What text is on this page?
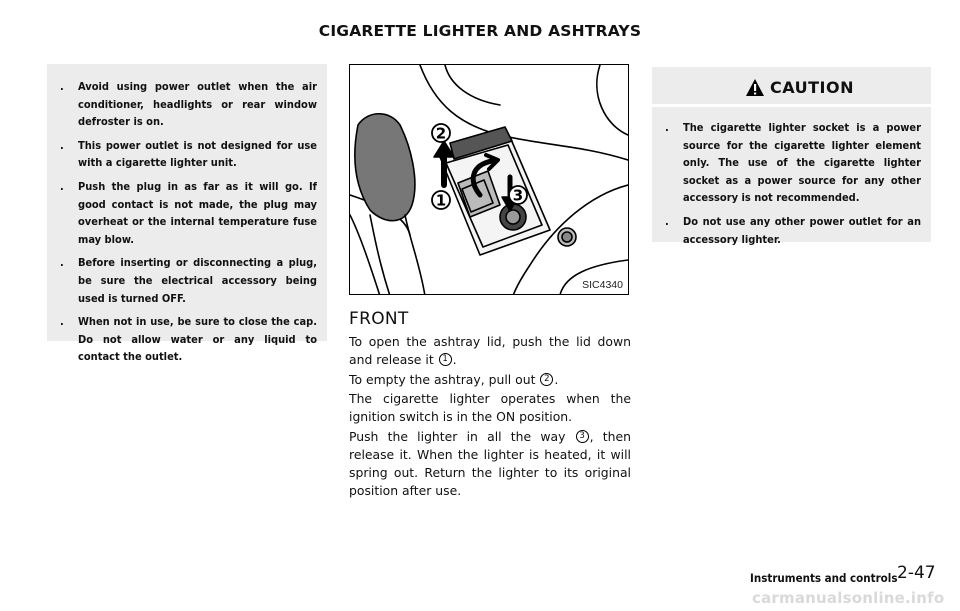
CIGARETTE LIGHTER AND ASHTRAYS
. Avoid using power outlet when the air conditioner, headlights or rear window defroster is on.
. This power outlet is not designed for use with a cigarette lighter unit.
. Push the plug in as far as it will go. If good contact is not made, the plug may overheat or the internal temperature fuse may blow.
. Before inserting or disconnecting a plug, be sure the electrical accessory being used is turned OFF.
. When not in use, be sure to close the cap. Do not allow water or any liquid to contact the outlet.
2
1	3
SIC4340
FRONT
To open the ashtray lid, push the lid down and release it 1 .
To empty the ashtray, pull out 2 .
The cigarette lighter operates when the ignition switch is in the ON position.
Push the lighter in all the way 3 , then release it. When the lighter is heated, it will spring out. Return the lighter to its original position after use.
CAUTION
. The cigarette lighter socket is a power source for the cigarette lighter element only. The use of the cigarette lighter socket as a power source for any other accessory is not recommended.
. Do not use any other power outlet for an accessory lighter.
Instruments and controls 2-47
carmanualsonline.info
